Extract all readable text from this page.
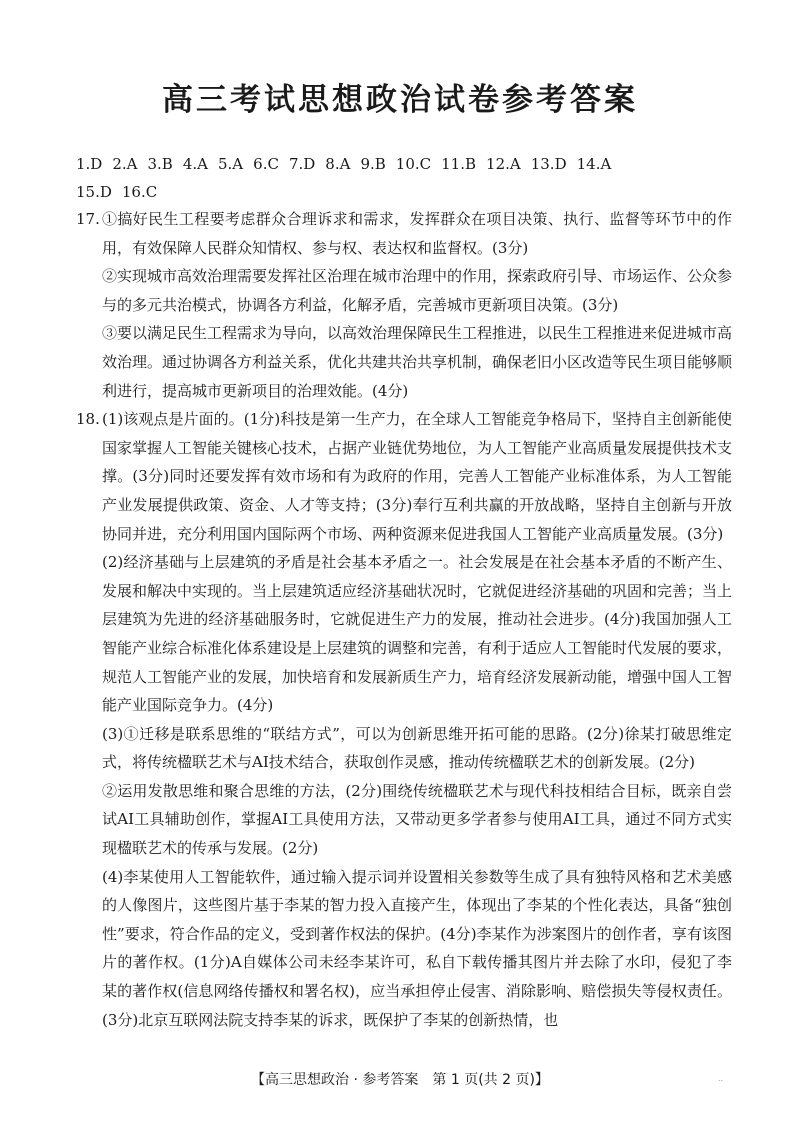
高三考试思想政治试卷参考答案
1.D 2.A 3.B 4.A 5.A 6.C 7.D 8.A 9.B 10.C 11.B 12.A 13.D 14.A
15.D 16.C
17. ①搞好民生工程要考虑群众合理诉求和需求，发挥群众在项目决策、执行、监督等环节中的作用，有效保障人民群众知情权、参与权、表达权和监督权。(3分)

②实现城市高效治理需要发挥社区治理在城市治理中的作用，探索政府引导、市场运作、公众参与的多元共治模式，协调各方利益，化解矛盾，完善城市更新项目决策。(3分)

③要以满足民生工程需求为导向，以高效治理保障民生工程推进，以民生工程推进来促进城市高效治理。通过协调各方利益关系，优化共建共治共享机制，确保老旧小区改造等民生项目能够顺利进行，提高城市更新项目的治理效能。(4分)

18. (1)该观点是片面的。(1分)科技是第一生产力，在全球人工智能竞争格局下，坚持自主创新能使国家掌握人工智能关键核心技术，占据产业链优势地位，为人工智能产业高质量发展提供技术支撑。(3分)同时还要发挥有效市场和有为政府的作用，完善人工智能产业标准体系，为人工智能产业发展提供政策、资金、人才等支持；(3分)奉行互利共赢的开放战略，坚持自主创新与开放协同并进，充分利用国内国际两个市场、两种资源来促进我国人工智能产业高质量发展。(3分)

(2)经济基础与上层建筑的矛盾是社会基本矛盾之一。社会发展是在社会基本矛盾的不断产生、发展和解决中实现的。当上层建筑适应经济基础状况时，它就促进经济基础的巩固和完善；当上层建筑为先进的经济基础服务时，它就促进生产力的发展，推动社会进步。(4分)我国加强人工智能产业综合标准化体系建设是上层建筑的调整和完善，有利于适应人工智能时代发展的要求，规范人工智能产业的发展，加快培育和发展新质生产力，培育经济发展新动能，增强中国人工智能产业国际竞争力。(4分)

(3)①迁移是联系思维的“联结方式”，可以为创新思维开拓可能的思路。(2分)徐某打破思维定式，将传统楹联艺术与AI技术结合，获取创作灵感，推动传统楹联艺术的创新发展。(2分)

②运用发散思维和聚合思维的方法，(2分)围绕传统楹联艺术与现代科技相结合目标，既亲自尝试AI工具辅助创作，掌握AI工具使用方法，又带动更多学者参与使用AI工具，通过不同方式实现楹联艺术的传承与发展。(2分)

(4)李某使用人工智能软件，通过输入提示词并设置相关参数等生成了具有独特风格和艺术美感的人像图片，这些图片基于李某的智力投入直接产生，体现出了李某的个性化表达，具备“独创性”要求，符合作品的定义，受到著作权法的保护。(4分)李某作为涉案图片的创作者，享有该图片的著作权。(1分)A自媒体公司未经李某许可，私自下载传播其图片并去除了水印，侵犯了李某的著作权(信息网络传播权和署名权)，应当承担停止侵害、消除影响、赔偿损失等侵权责任。(3分)北京互联网法院支持李某的诉求，既保护了李某的创新热情，也

【高三思想政治 · 参考答案　第 1 页(共 2 页)】	..
